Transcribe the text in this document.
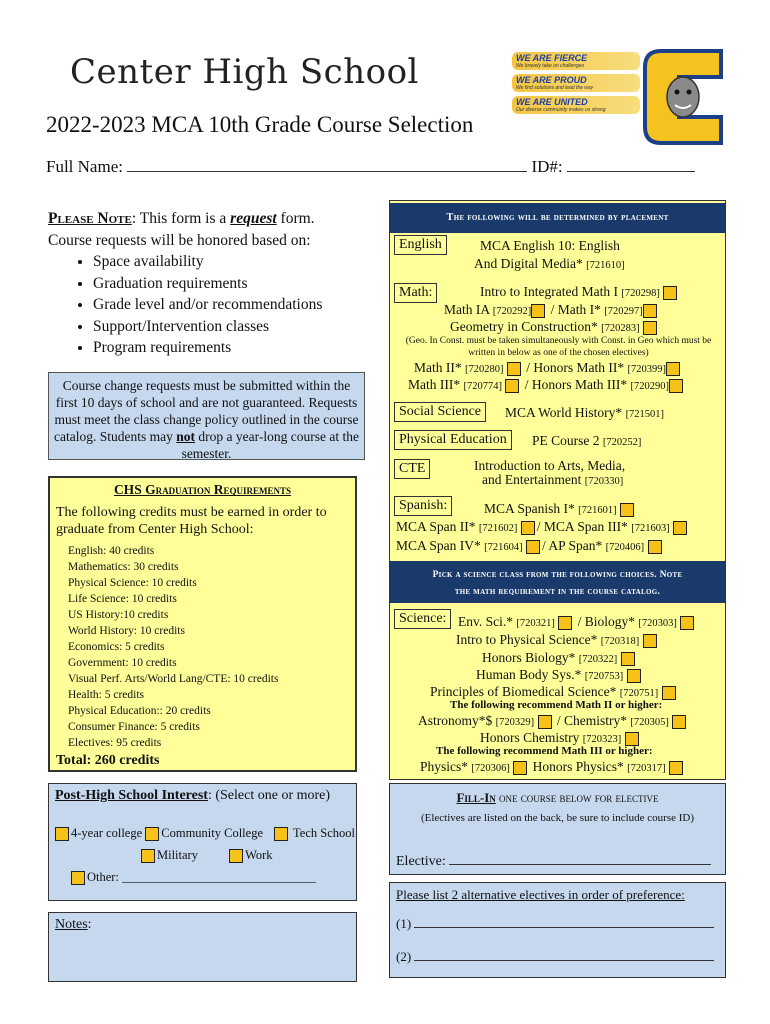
Center High School
2022-2023 MCA 10th Grade Course Selection
Full Name:	ID#:
WE ARE FIERCE
We bravely take on challenges
WE ARE PROUD
We find solutions and lead the way
WE ARE UNITED
Our diverse community makes us strong
Please Note: This form is a request form.
Course requests will be honored based on:
• Space availability
• Graduation requirements
• Grade level and/or recommendations
• Support/Intervention classes
• Program requirements
Course change requests must be submitted within the first 10 days of school and are not guaranteed. Requests must meet the class change policy outlined in the course catalog. Students may not drop a year-long course at the semester.
CHS Graduation Requirements
The following credits must be earned in order to graduate from Center High School:
English: 40 credits
Mathematics: 30 credits
Physical Science: 10 credits
Life Science: 10 credits
US History:10 credits
World History: 10 credits
Economics: 5 credits
Government: 10 credits
Visual Perf. Arts/World Lang/CTE: 10 credits
Health: 5 credits
Physical Education:: 20 credits
Consumer Finance: 5 credits
Electives: 95 credits
Total: 260 credits
Post-High School Interest: (Select one or more)
4-year college Community College Tech School
Military	Work
Other: _______________________________
Notes:
The following will be determined by placement
English	MCA English 10: English
And Digital Media* [721610]
Math:	Intro to Integrated Math I [720298]
Math IA [720292] / Math I* [720297]
Geometry in Construction* [720283]
(Geo. In Const. must be taken simultaneously with Const. in Geo which must be written in below as one of the chosen electives)
Math II* [720280] / Honors Math II* [720399]
Math III* [720774] / Honors Math III* [720290]
Social Science	MCA World History* [721501]
Physical Education	PE Course 2 [720252]
CTE	Introduction to Arts, Media,
and Entertainment [720330]
Spanish:	MCA Spanish I* [721601]
MCA Span II* [721602] / MCA Span III* [721603]
MCA Span IV* [721604] / AP Span* [720406]
Pick a science class from the following choices. Note
the math requirement in the course catalog.
Science: Env. Sci.* [720321] / Biology* [720303]
Intro to Physical Science* [720318]
Honors Biology* [720322]
Human Body Sys.* [720753]
Principles of Biomedical Science* [720751]
The following recommend Math II or higher:
Astronomy*$ [720329] / Chemistry* [720305]
Honors Chemistry [720323]
The following recommend Math III or higher:
Physics* [720306] Honors Physics* [720317]
Fill-In one course below for elective
(Electives are listed on the back, be sure to include course ID)
Elective:
Please list 2 alternative electives in order of preference:
(1)
(2)
